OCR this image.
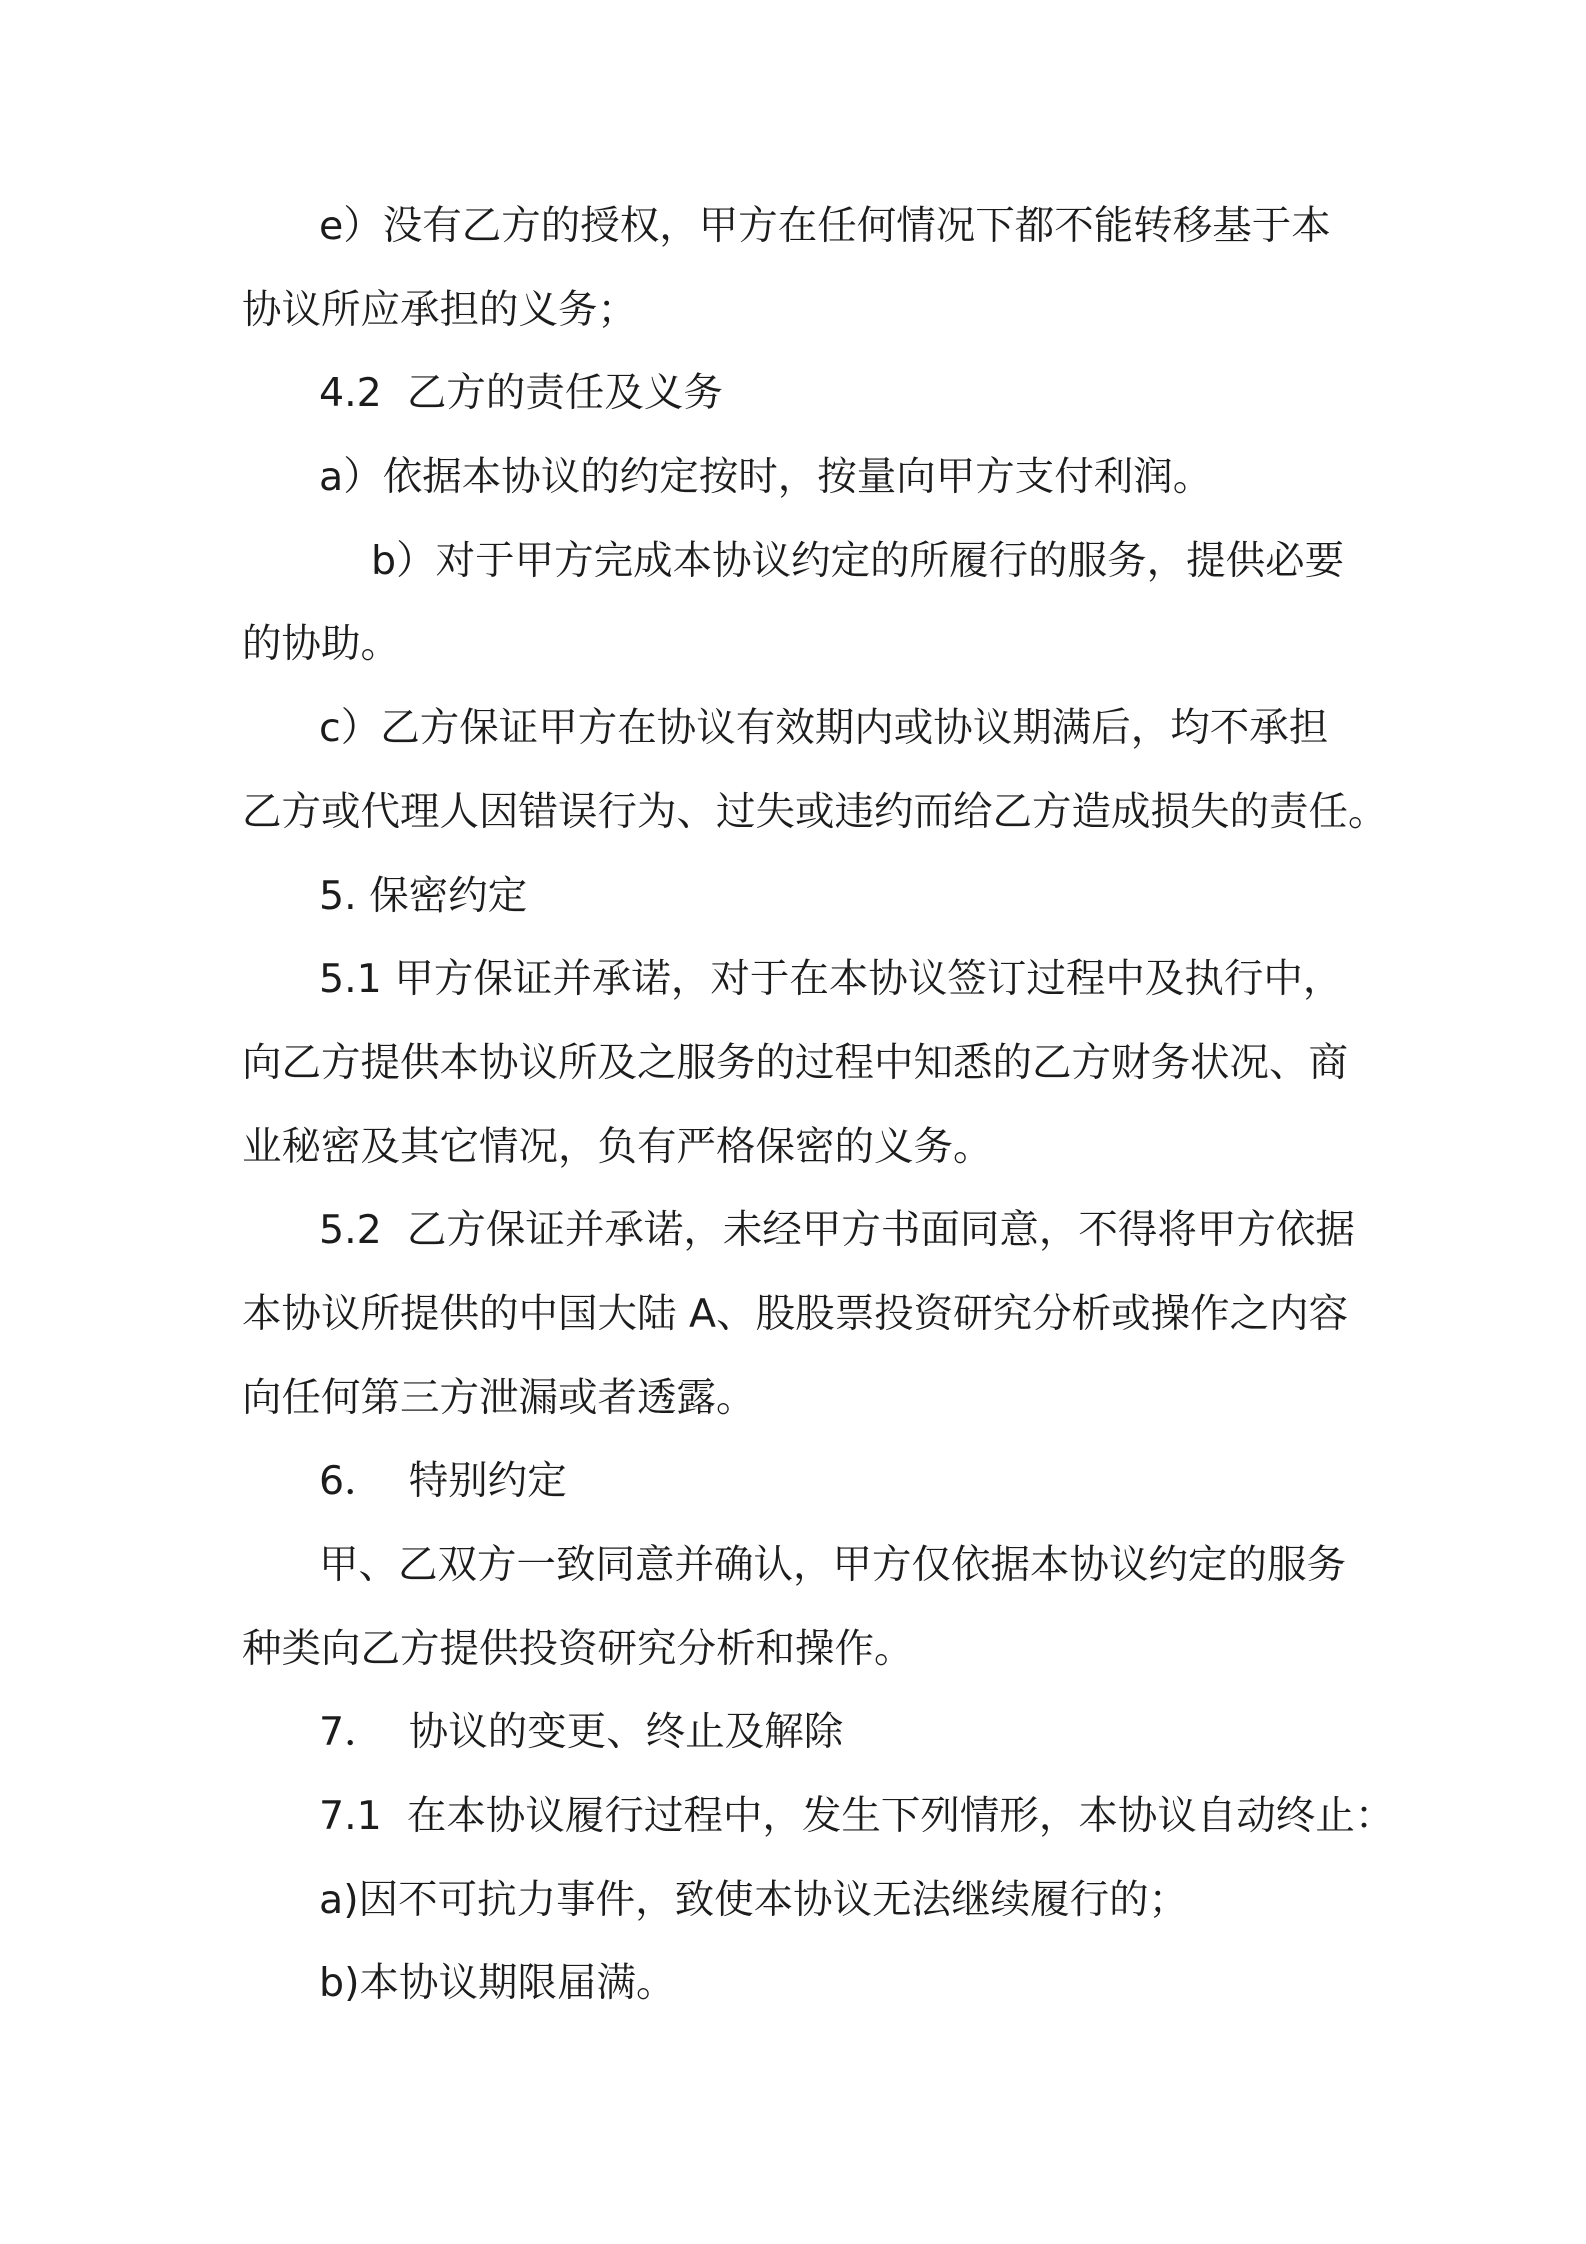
e）没有乙方的授权，甲方在任何情况下都不能转移基于本
协议所应承担的义务；
4.2  乙方的责任及义务
a）依据本协议的约定按时，按量向甲方支付利润。
b）对于甲方完成本协议约定的所履行的服务，提供必要
的协助。
c）乙方保证甲方在协议有效期内或协议期满后，均不承担
乙方或代理人因错误行为、过失或违约而给乙方造成损失的责任。
5. 保密约定
5.1 甲方保证并承诺，对于在本协议签订过程中及执行中，
向乙方提供本协议所及之服务的过程中知悉的乙方财务状况、商
业秘密及其它情况，负有严格保密的义务。
5.2  乙方保证并承诺，未经甲方书面同意，不得将甲方依据
本协议所提供的中国大陆 A、股股票投资研究分析或操作之内容
向任何第三方泄漏或者透露。
6．  特别约定
甲、乙双方一致同意并确认，甲方仅依据本协议约定的服务
种类向乙方提供投资研究分析和操作。
7．  协议的变更、终止及解除
7.1  在本协议履行过程中，发生下列情形，本协议自动终止：
a)因不可抗力事件，致使本协议无法继续履行的；
b)本协议期限届满。
